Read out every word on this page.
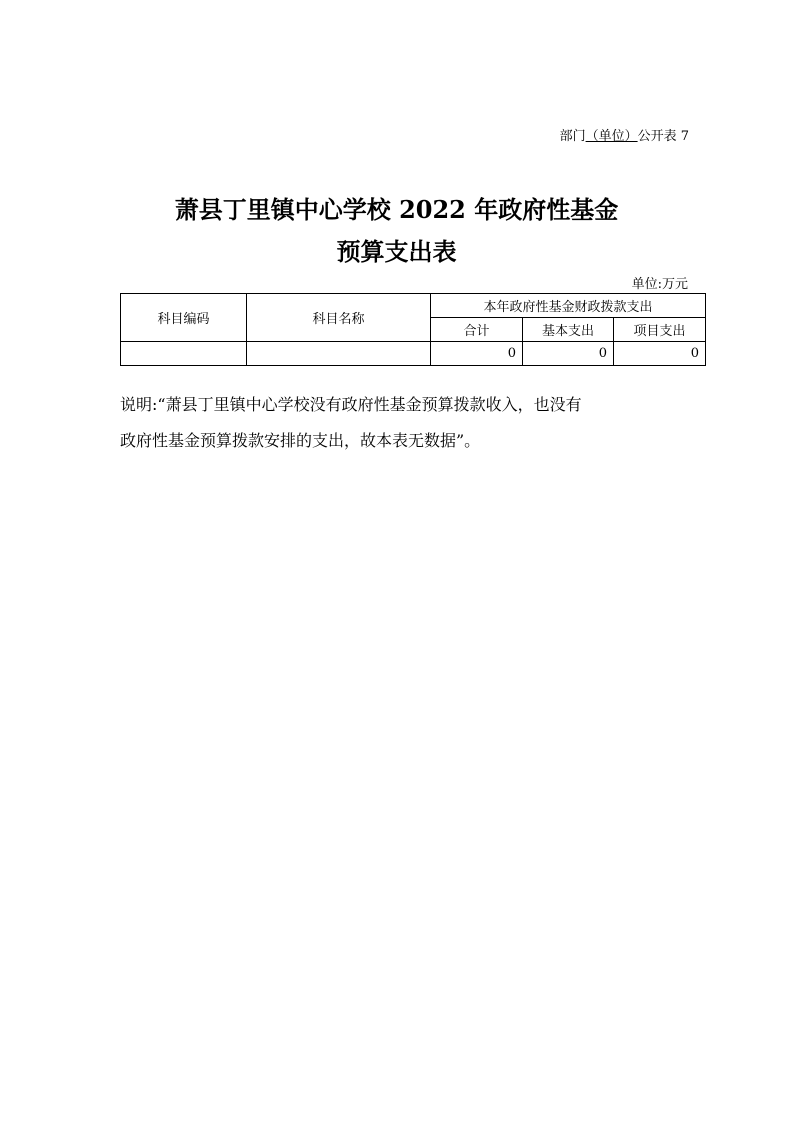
部门（单位）公开表 7
萧县丁里镇中心学校 2022 年政府性基金
预算支出表
单位:万元
科目编码	科目名称	本年政府性基金财政拨款支出		
		合计	基本支出	项目支出
		0	0	0
说明:“萧县丁里镇中心学校没有政府性基金预算拨款收入，也没有
政府性基金预算拨款安排的支出，故本表无数据”。
